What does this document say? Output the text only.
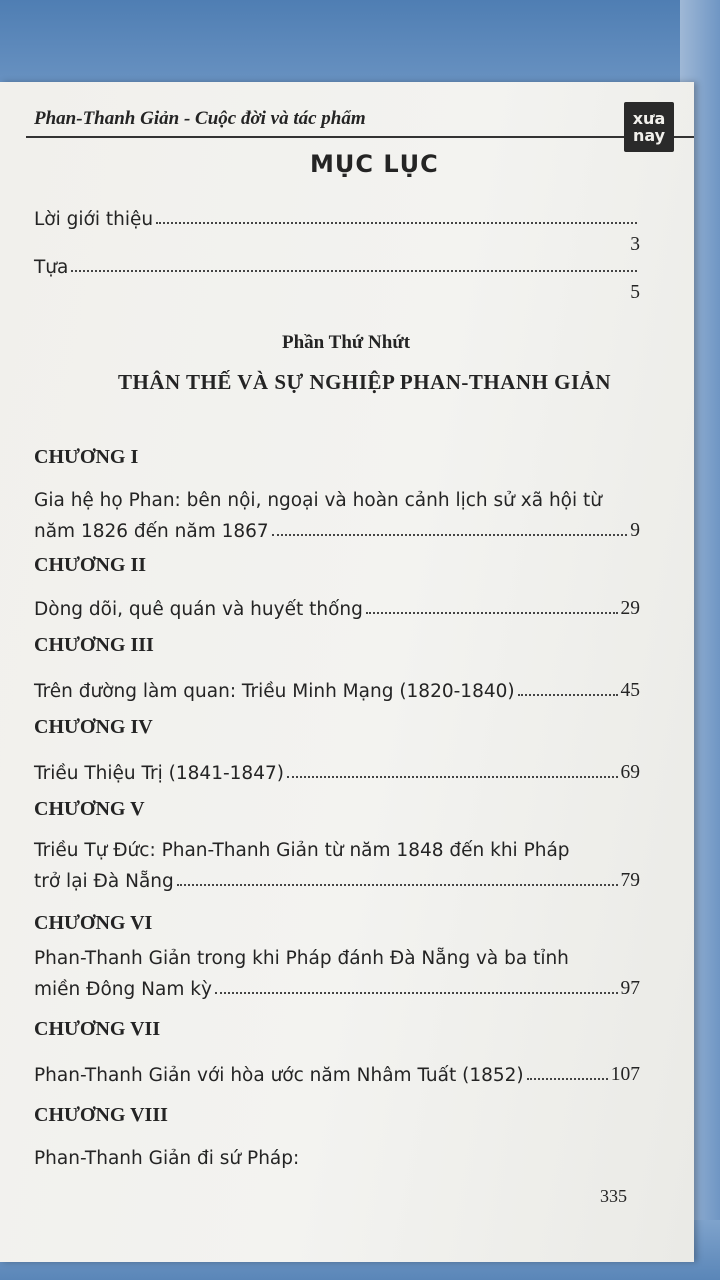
Phan-Thanh Giản - Cuộc đời và tác phẩm	xưa nay
MỤC LỤC
Lời giới thiệu
3
Tựa
5
Phần Thứ Nhứt
THÂN THẾ VÀ SỰ NGHIỆP PHAN-THANH GIẢN
CHƯƠNG I
Gia hệ họ Phan: bên nội, ngoại và hoàn cảnh lịch sử xã hội từ
năm 1826 đến năm 1867	9
CHƯƠNG II
Dòng dõi, quê quán và huyết thống	29
CHƯƠNG III
Trên đường làm quan: Triều Minh Mạng (1820-1840)	45
CHƯƠNG IV
Triều Thiệu Trị (1841-1847)	69
CHƯƠNG V
Triều Tự Đức: Phan-Thanh Giản từ năm 1848 đến khi Pháp
trở lại Đà Nẵng	79
CHƯƠNG VI
Phan-Thanh Giản trong khi Pháp đánh Đà Nẵng và ba tỉnh
miền Đông Nam kỳ	97
CHƯƠNG VII
Phan-Thanh Giản với hòa ước năm Nhâm Tuất (1852)	107
CHƯƠNG VIII
Phan-Thanh Giản đi sứ Pháp:
335
